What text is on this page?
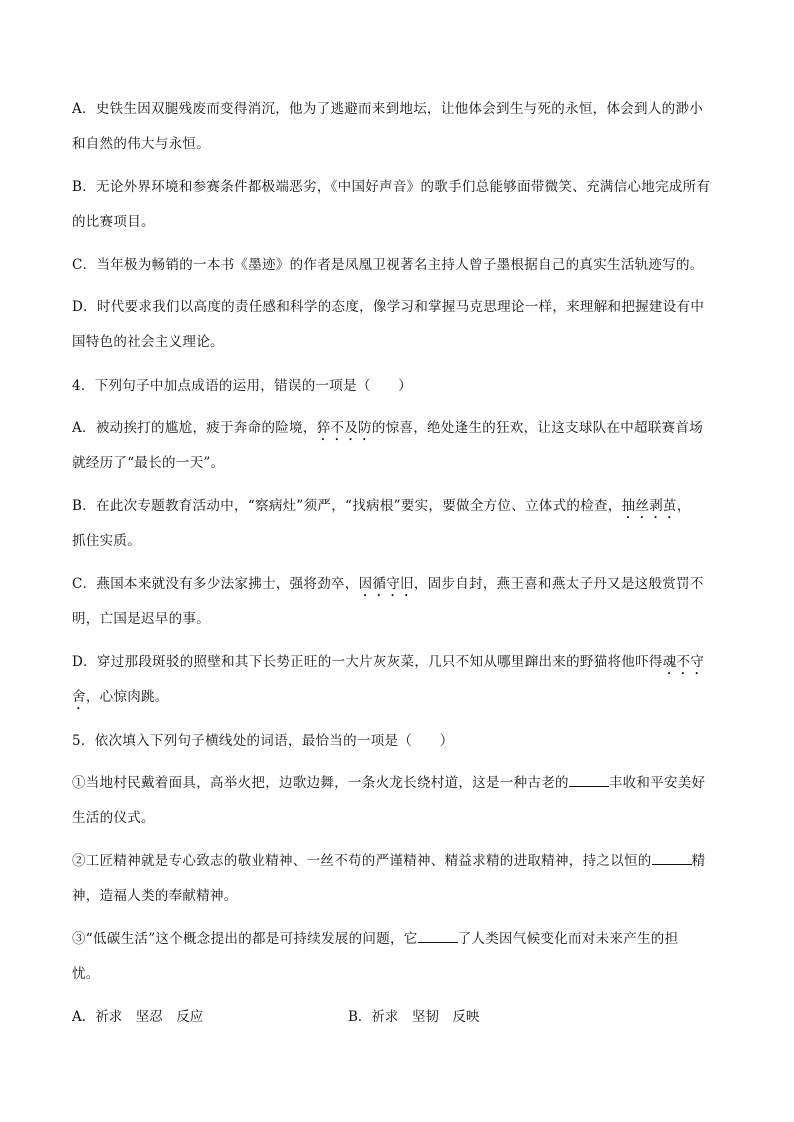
A．史铁生因双腿残废而变得消沉，他为了逃避而来到地坛，让他体会到生与死的永恒，体会到人的渺小
和自然的伟大与永恒。
B．无论外界环境和参赛条件都极端恶劣，《中国好声音》的歌手们总能够面带微笑、充满信心地完成所有
的比赛项目。
C．当年极为畅销的一本书《墨迹》的作者是凤凰卫视著名主持人曾子墨根据自己的真实生活轨迹写的。
D．时代要求我们以高度的责任感和科学的态度，像学习和掌握马克思理论一样，来理解和把握建设有中
国特色的社会主义理论。
4．下列句子中加点成语的运用，错误的一项是（　　）
A．被动挨打的尴尬，疲于奔命的险境，猝不及防的惊喜，绝处逢生的狂欢，让这支球队在中超联赛首场
就经历了“最长的一天”。
B．在此次专题教育活动中，“察病灶”须严，“找病根”要实，要做全方位、立体式的检查，抽丝剥茧，
抓住实质。
C．燕国本来就没有多少法家拂士，强将劲卒，因循守旧，固步自封，燕王喜和燕太子丹又是这般赏罚不
明，亡国是迟早的事。
D．穿过那段斑驳的照壁和其下长势正旺的一大片灰灰菜，几只不知从哪里蹿出来的野猫将他吓得魂不守
舍，心惊肉跳。
5．依次填入下列句子横线处的词语，最恰当的一项是（　　）
①当地村民戴着面具，高举火把，边歌边舞，一条火龙长绕村道，这是一种古老的	丰收和平安美好
生活的仪式。
②工匠精神就是专心致志的敬业精神、一丝不苟的严谨精神、精益求精的进取精神，持之以恒的	精
神，造福人类的奉献精神。
③“低碳生活”这个概念提出的都是可持续发展的问题，它	了人类因气候变化而对未来产生的担
忧。
A．祈求　坚忍　反应	B．祈求　坚韧　反映
